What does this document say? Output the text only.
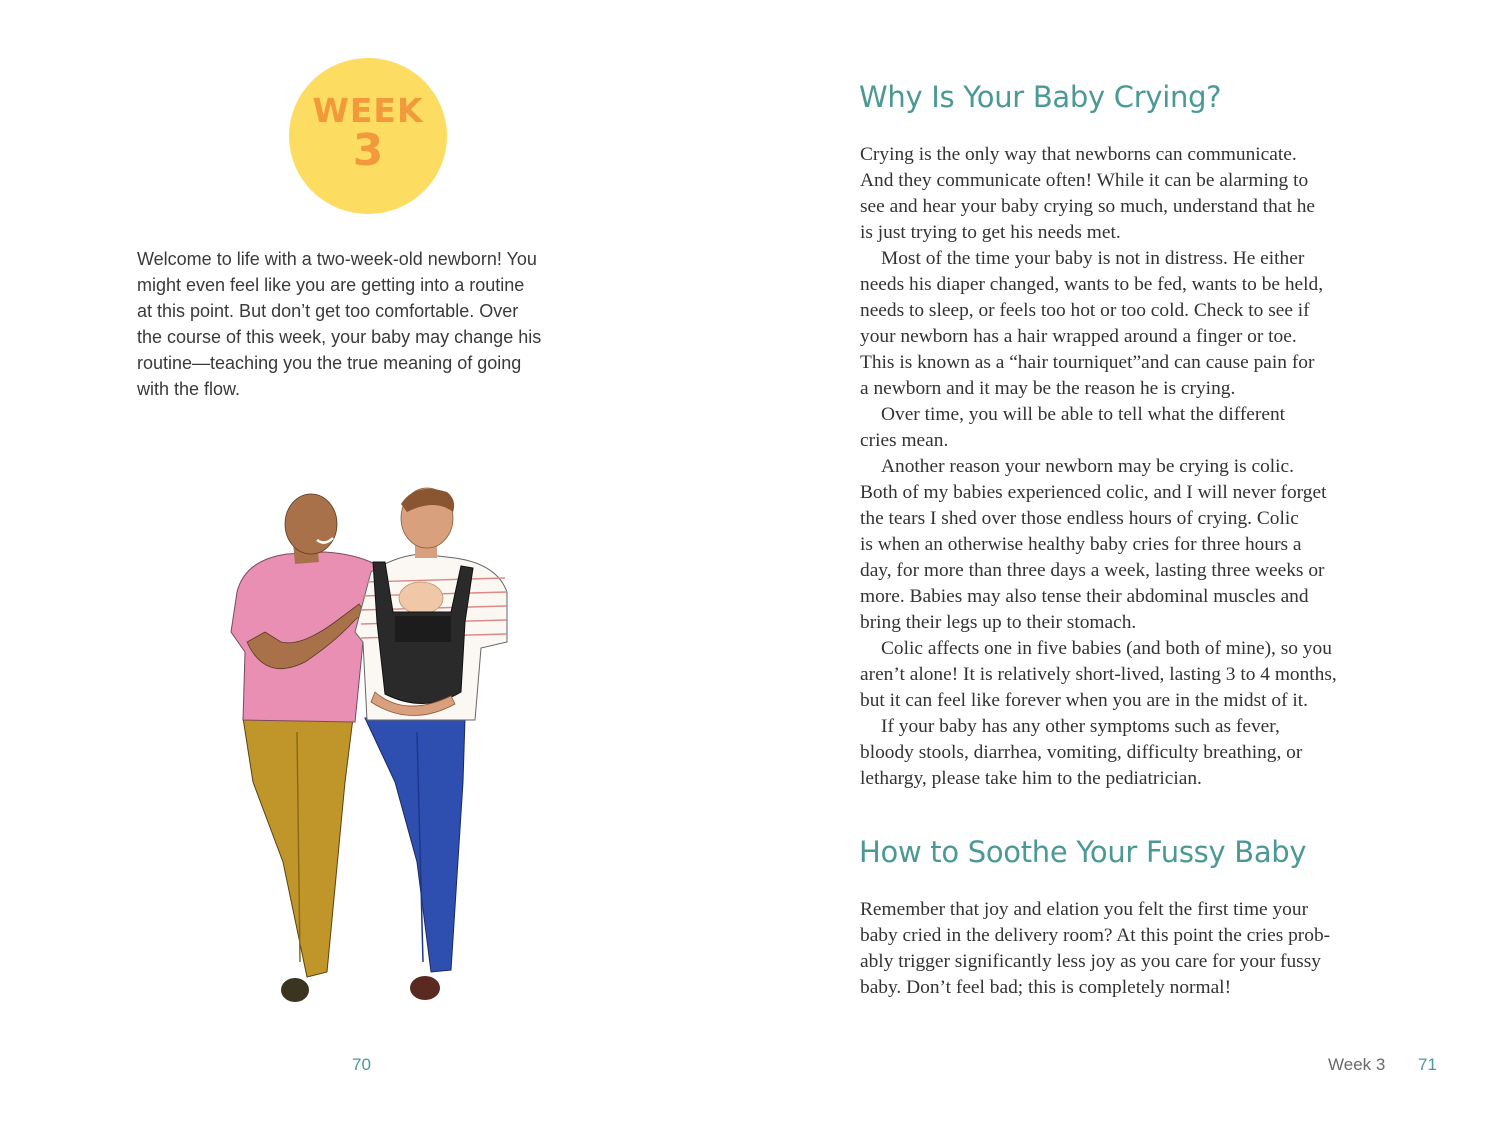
WEEK
3
Welcome to life with a two-week-old newborn! You
might even feel like you are getting into a routine
at this point. But don’t get too comfortable. Over
the course of this week, your baby may change his
routine—teaching you the true meaning of going
with the flow.
70
Why Is Your Baby Crying?

Crying is the only way that newborns can communicate.
And they communicate often! While it can be alarming to
see and hear your baby crying so much, understand that he
is just trying to get his needs met.

Most of the time your baby is not in distress. He either
needs his diaper changed, wants to be fed, wants to be held,
needs to sleep, or feels too hot or too cold. Check to see if
your newborn has a hair wrapped around a finger or toe.
This is known as a “hair tourniquet”and can cause pain for
a newborn and it may be the reason he is crying.

Over time, you will be able to tell what the different
cries mean.

Another reason your newborn may be crying is colic.
Both of my babies experienced colic, and I will never forget
the tears I shed over those endless hours of crying. Colic
is when an otherwise healthy baby cries for three hours a
day, for more than three days a week, lasting three weeks or
more. Babies may also tense their abdominal muscles and
bring their legs up to their stomach.

Colic affects one in five babies (and both of mine), so you
aren’t alone! It is relatively short-lived, lasting 3 to 4 months,
but it can feel like forever when you are in the midst of it.

If your baby has any other symptoms such as fever,
bloody stools, diarrhea, vomiting, difficulty breathing, or
lethargy, please take him to the pediatrician.

How to Soothe Your Fussy Baby

Remember that joy and elation you felt the first time your
baby cried in the delivery room? At this point the cries prob-
ably trigger significantly less joy as you care for your fussy
baby. Don’t feel bad; this is completely normal!

Week 3 71
